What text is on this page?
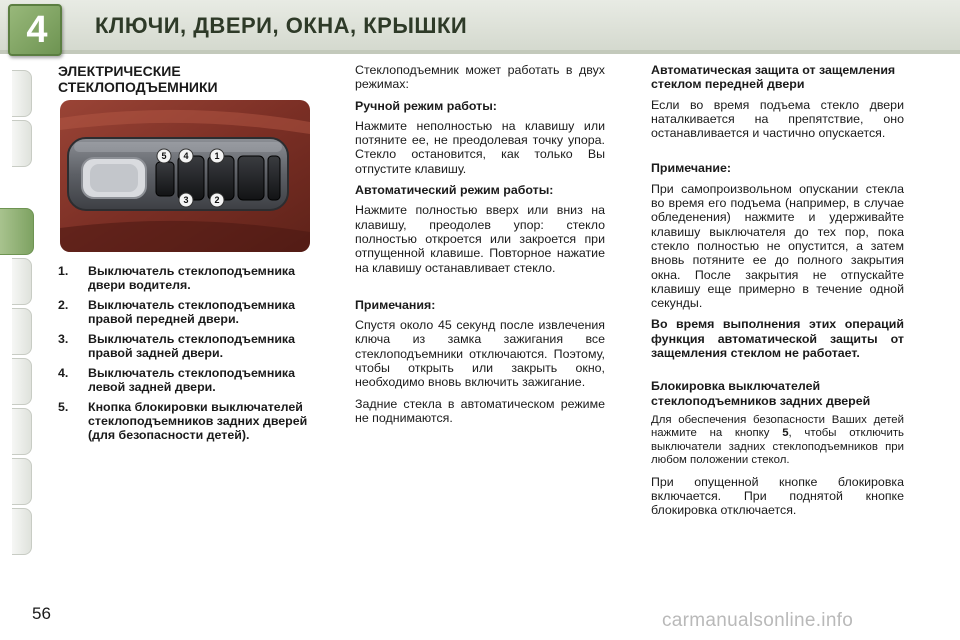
4	КЛЮЧИ, ДВЕРИ, ОКНА, КРЫШКИ
ЭЛЕКТРИЧЕСКИЕ СТЕКЛОПОДЪЕМНИКИ
5 4	1
3	2
1. Выключатель стеклоподъемника двери водителя.
2. Выключатель стеклоподъемника правой передней двери.
3. Выключатель стеклоподъемника правой задней двери.
4. Выключатель стеклоподъемника левой задней двери.
5. Кнопка блокировки выключателей стеклоподъемников задних дверей (для безопасности детей).

Стеклоподъемник может работать в двух режимах:

Ручной режим работы:

Нажмите неполностью на клавишу или потяните ее, не преодолевая точку упора. Стекло остановится, как только Вы отпустите клавишу.

Автоматический режим работы:

Нажмите полностью вверх или вниз на клавишу, преодолев упор: стекло полностью откроется или закроется при отпущенной клавише. Повторное нажатие на клавишу останавливает стекло.

Примечания:

Спустя около 45 секунд после извлечения ключа из замка зажигания все стеклоподъемники отключаются. Поэтому, чтобы открыть или закрыть окно, необходимо вновь включить зажигание.

Задние стекла в автоматическом режиме не поднимаются.

Автоматическая защита от защемления стеклом передней двери

Если во время подъема стекло двери наталкивается на препятствие, оно останавливается и частично опускается.

Примечание:

При самопроизвольном опускании стекла во время его подъема (например, в случае обледенения) нажмите и удерживайте клавишу выключателя до тех пор, пока стекло полностью не опустится, а затем вновь потяните ее до полного закрытия окна. После закрытия не отпускайте клавишу еще примерно в течение одной секунды.

Во время выполнения этих операций функция автоматической защиты от защемления стеклом не работает.

Блокировка выключателей стеклоподъемников задних дверей

Для обеспечения безопасности Ваших детей нажмите на кнопку 5, чтобы отключить выключатели задних стеклоподъемников при любом положении стекол.

При опущенной кнопке блокировка включается. При поднятой кнопке блокировка отключается.

56	carmanualsonline.info
